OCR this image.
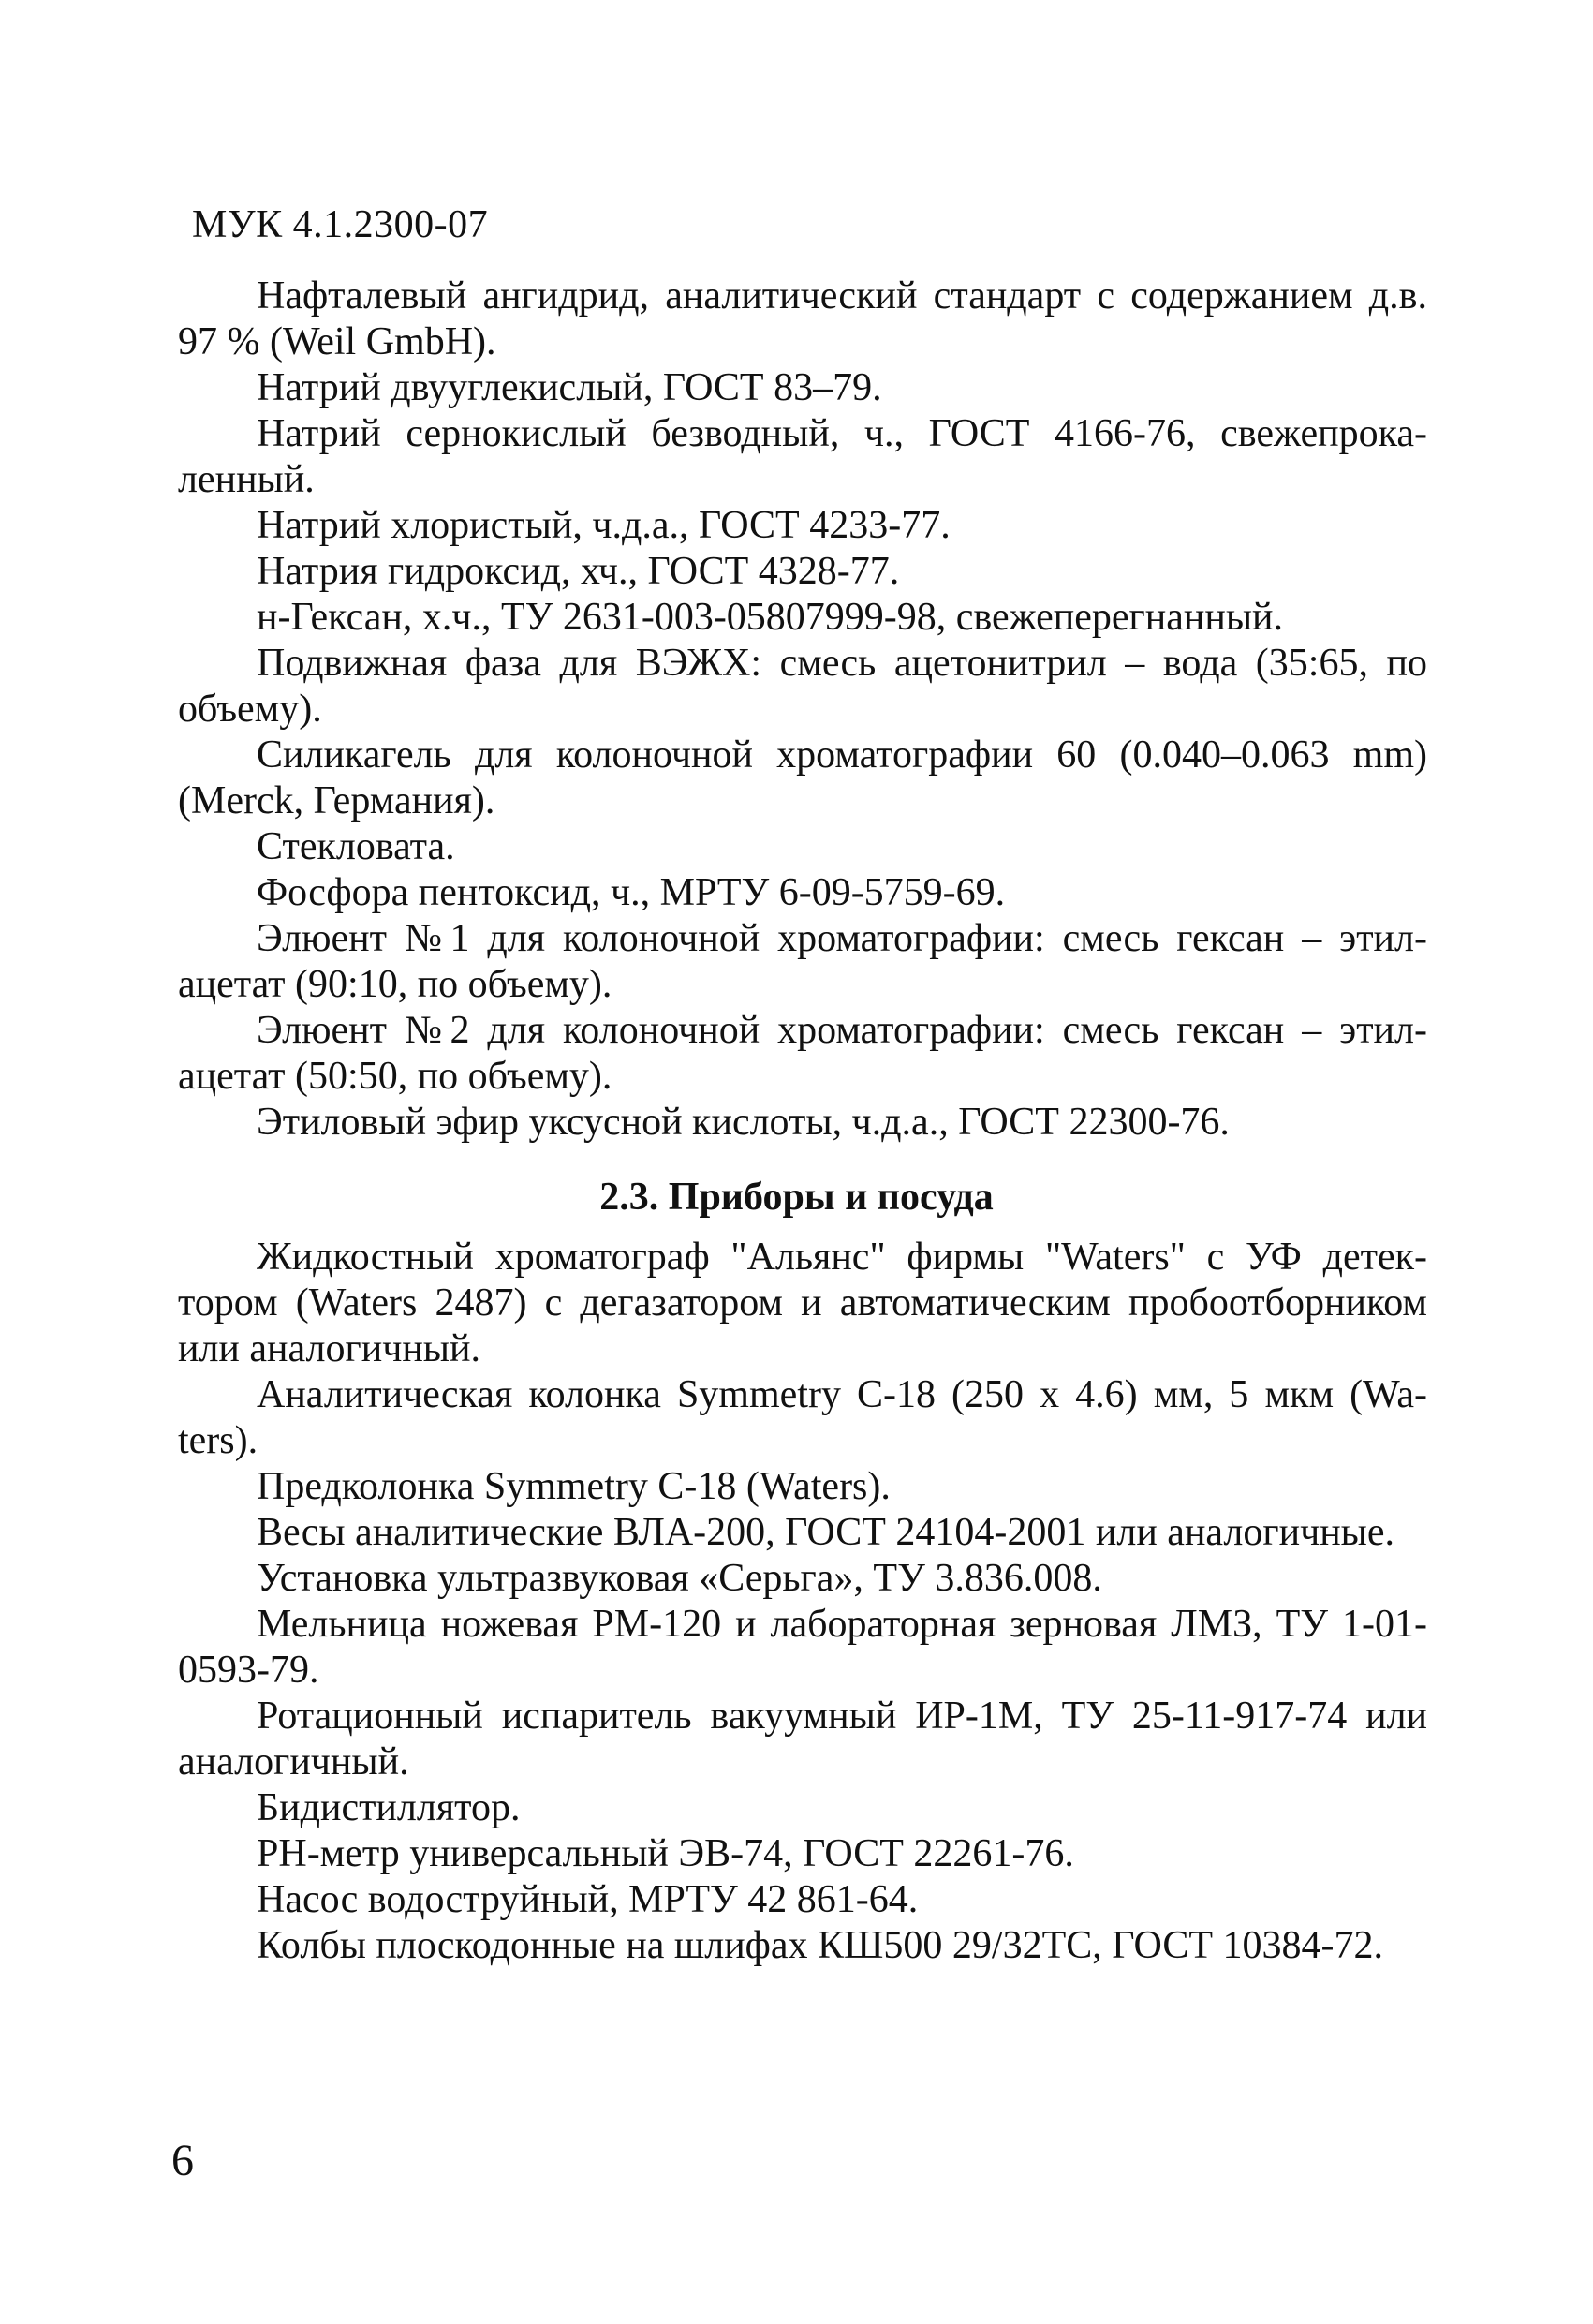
МУК 4.1.2300-07

Нафталевый ангидрид, аналитический стандарт с содержанием д.в. 97 % (Weil GmbH).

Натрий двууглекислый, ГОСТ 83–79.

Натрий сернокислый безводный, ч., ГОСТ 4166-76, свежепрокаленный.

Натрий хлористый, ч.д.а., ГОСТ 4233-77.

Натрия гидроксид, хч., ГОСТ 4328-77.

н-Гексан, х.ч., ТУ 2631-003-05807999-98, свежеперегнанный.

Подвижная фаза для ВЭЖХ: смесь ацетонитрил – вода (35:65, по объему).

Силикагель для колоночной хроматографии 60 (0.040–0.063 mm) (Merck, Германия).

Стекловата.

Фосфора пентоксид, ч., МРТУ 6-09-5759-69.

Элюент №1 для колоночной хроматографии: смесь гексан – этилацетат (90:10, по объему).

Элюент №2 для колоночной хроматографии: смесь гексан – этилацетат (50:50, по объему).

Этиловый эфир уксусной кислоты, ч.д.а., ГОСТ 22300-76.

2.3. Приборы и посуда

Жидкостный хроматограф "Альянс" фирмы "Waters" с УФ детектором (Waters 2487) с дегазатором и автоматическим пробоотборником или аналогичный.

Аналитическая колонка Symmetry C-18 (250 x 4.6) мм, 5 мкм (Waters).

Предколонка Symmetry C-18 (Waters).

Весы аналитические ВЛА-200, ГОСТ 24104-2001 или аналогичные.

Установка ультразвуковая «Серьга», ТУ 3.836.008.

Мельница ножевая РМ-120 и лабораторная зерновая ЛМЗ, ТУ 1-01-0593-79.

Ротационный испаритель вакуумный ИР-1М, ТУ 25-11-917-74 или аналогичный.

Бидистиллятор.

PH-метр универсальный ЭВ-74, ГОСТ 22261-76.

Насос водоструйный, МРТУ 42 861-64.

Колбы плоскодонные на шлифах КШ500 29/32ТС, ГОСТ 10384-72.

6
